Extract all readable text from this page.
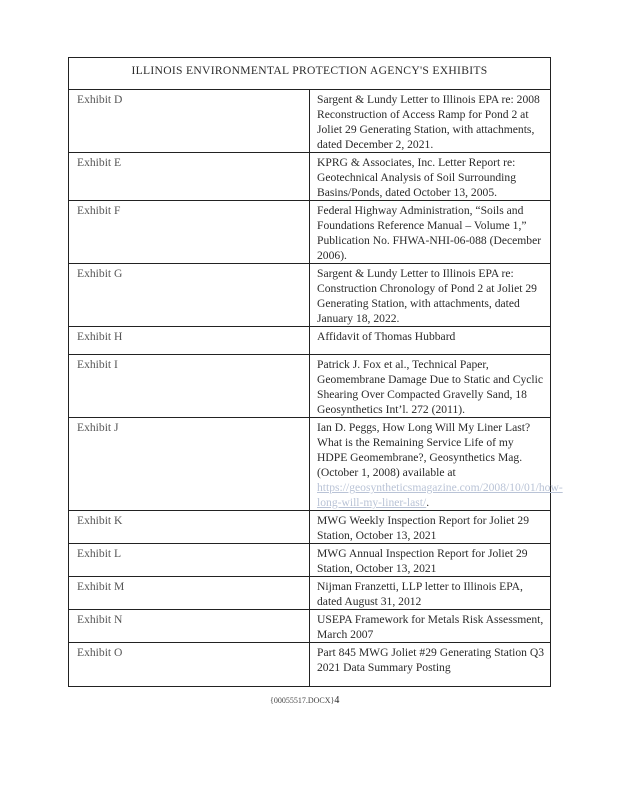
ILLINOIS ENVIRONMENTAL PROTECTION AGENCY'S EXHIBITS	
Exhibit D	Sargent & Lundy Letter to Illinois EPA re: 2008 Reconstruction of Access Ramp for Pond 2 at Joliet 29 Generating Station, with attachments, dated December 2, 2021.
Exhibit E	KPRG & Associates, Inc. Letter Report re: Geotechnical Analysis of Soil Surrounding Basins/Ponds, dated October 13, 2005.
Exhibit F	Federal Highway Administration, “Soils and Foundations Reference Manual – Volume 1,” Publication No. FHWA-NHI-06-088 (December 2006).
Exhibit G	Sargent & Lundy Letter to Illinois EPA re: Construction Chronology of Pond 2 at Joliet 29 Generating Station, with attachments, dated January 18, 2022.
Exhibit H	Affidavit of Thomas Hubbard
Exhibit I	Patrick J. Fox et al., Technical Paper, Geomembrane Damage Due to Static and Cyclic Shearing Over Compacted Gravelly Sand, 18 Geosynthetics Int’l. 272 (2011).
Exhibit J	Ian D. Peggs, How Long Will My Liner Last? What is the Remaining Service Life of my HDPE Geomembrane?, Geosynthetics Mag. (October 1, 2008) available at https://geosyntheticsmagazine.com/2008/10/01/how-long-will-my-liner-last/.
Exhibit K	MWG Weekly Inspection Report for Joliet 29 Station, October 13, 2021
Exhibit L	MWG Annual Inspection Report for Joliet 29 Station, October 13, 2021
Exhibit M	Nijman Franzetti, LLP letter to Illinois EPA, dated August 31, 2012
Exhibit N	USEPA Framework for Metals Risk Assessment, March 2007
Exhibit O	Part 845 MWG Joliet #29 Generating Station Q3 2021 Data Summary Posting
{00055517.DOCX}4
